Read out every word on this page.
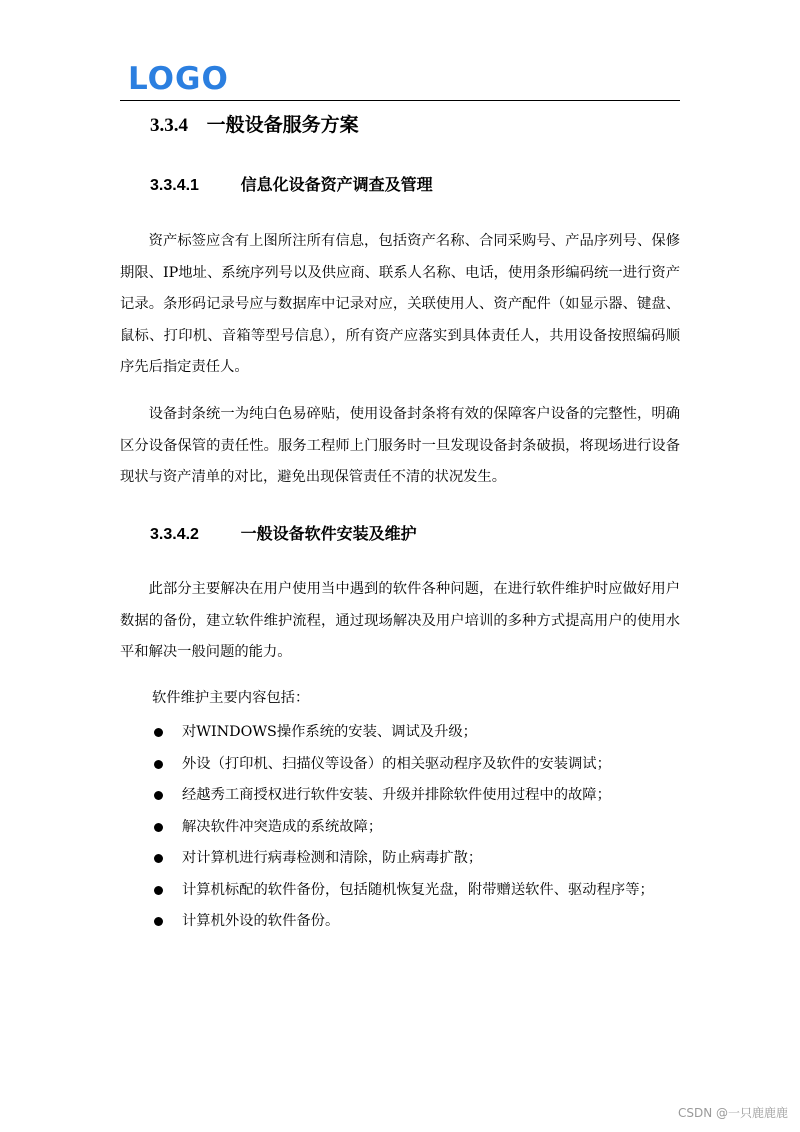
LOGO
3.3.4 一般设备服务方案
3.3.4.1	信息化设备资产调查及管理

资产标签应含有上图所注所有信息，包括资产名称、合同采购号、产品序列号、保修期限、IP地址、系统序列号以及供应商、联系人名称、电话，使用条形编码统一进行资产记录。条形码记录号应与数据库中记录对应，关联使用人、资产配件（如显示器、键盘、鼠标、打印机、音箱等型号信息），所有资产应落实到具体责任人，共用设备按照编码顺序先后指定责任人。

设备封条统一为纯白色易碎贴，使用设备封条将有效的保障客户设备的完整性，明确区分设备保管的责任性。服务工程师上门服务时一旦发现设备封条破损，将现场进行设备现状与资产清单的对比，避免出现保管责任不清的状况发生。

3.3.4.2	一般设备软件安装及维护

此部分主要解决在用户使用当中遇到的软件各种问题，在进行软件维护时应做好用户数据的备份，建立软件维护流程，通过现场解决及用户培训的多种方式提高用户的使用水平和解决一般问题的能力。

软件维护主要内容包括：
对WINDOWS操作系统的安装、调试及升级；
外设（打印机、扫描仪等设备）的相关驱动程序及软件的安装调试；
经越秀工商授权进行软件安装、升级并排除软件使用过程中的故障；
解决软件冲突造成的系统故障；
对计算机进行病毒检测和清除，防止病毒扩散；
计算机标配的软件备份，包括随机恢复光盘，附带赠送软件、驱动程序等；
计算机外设的软件备份。
CSDN @一只鹿鹿鹿
